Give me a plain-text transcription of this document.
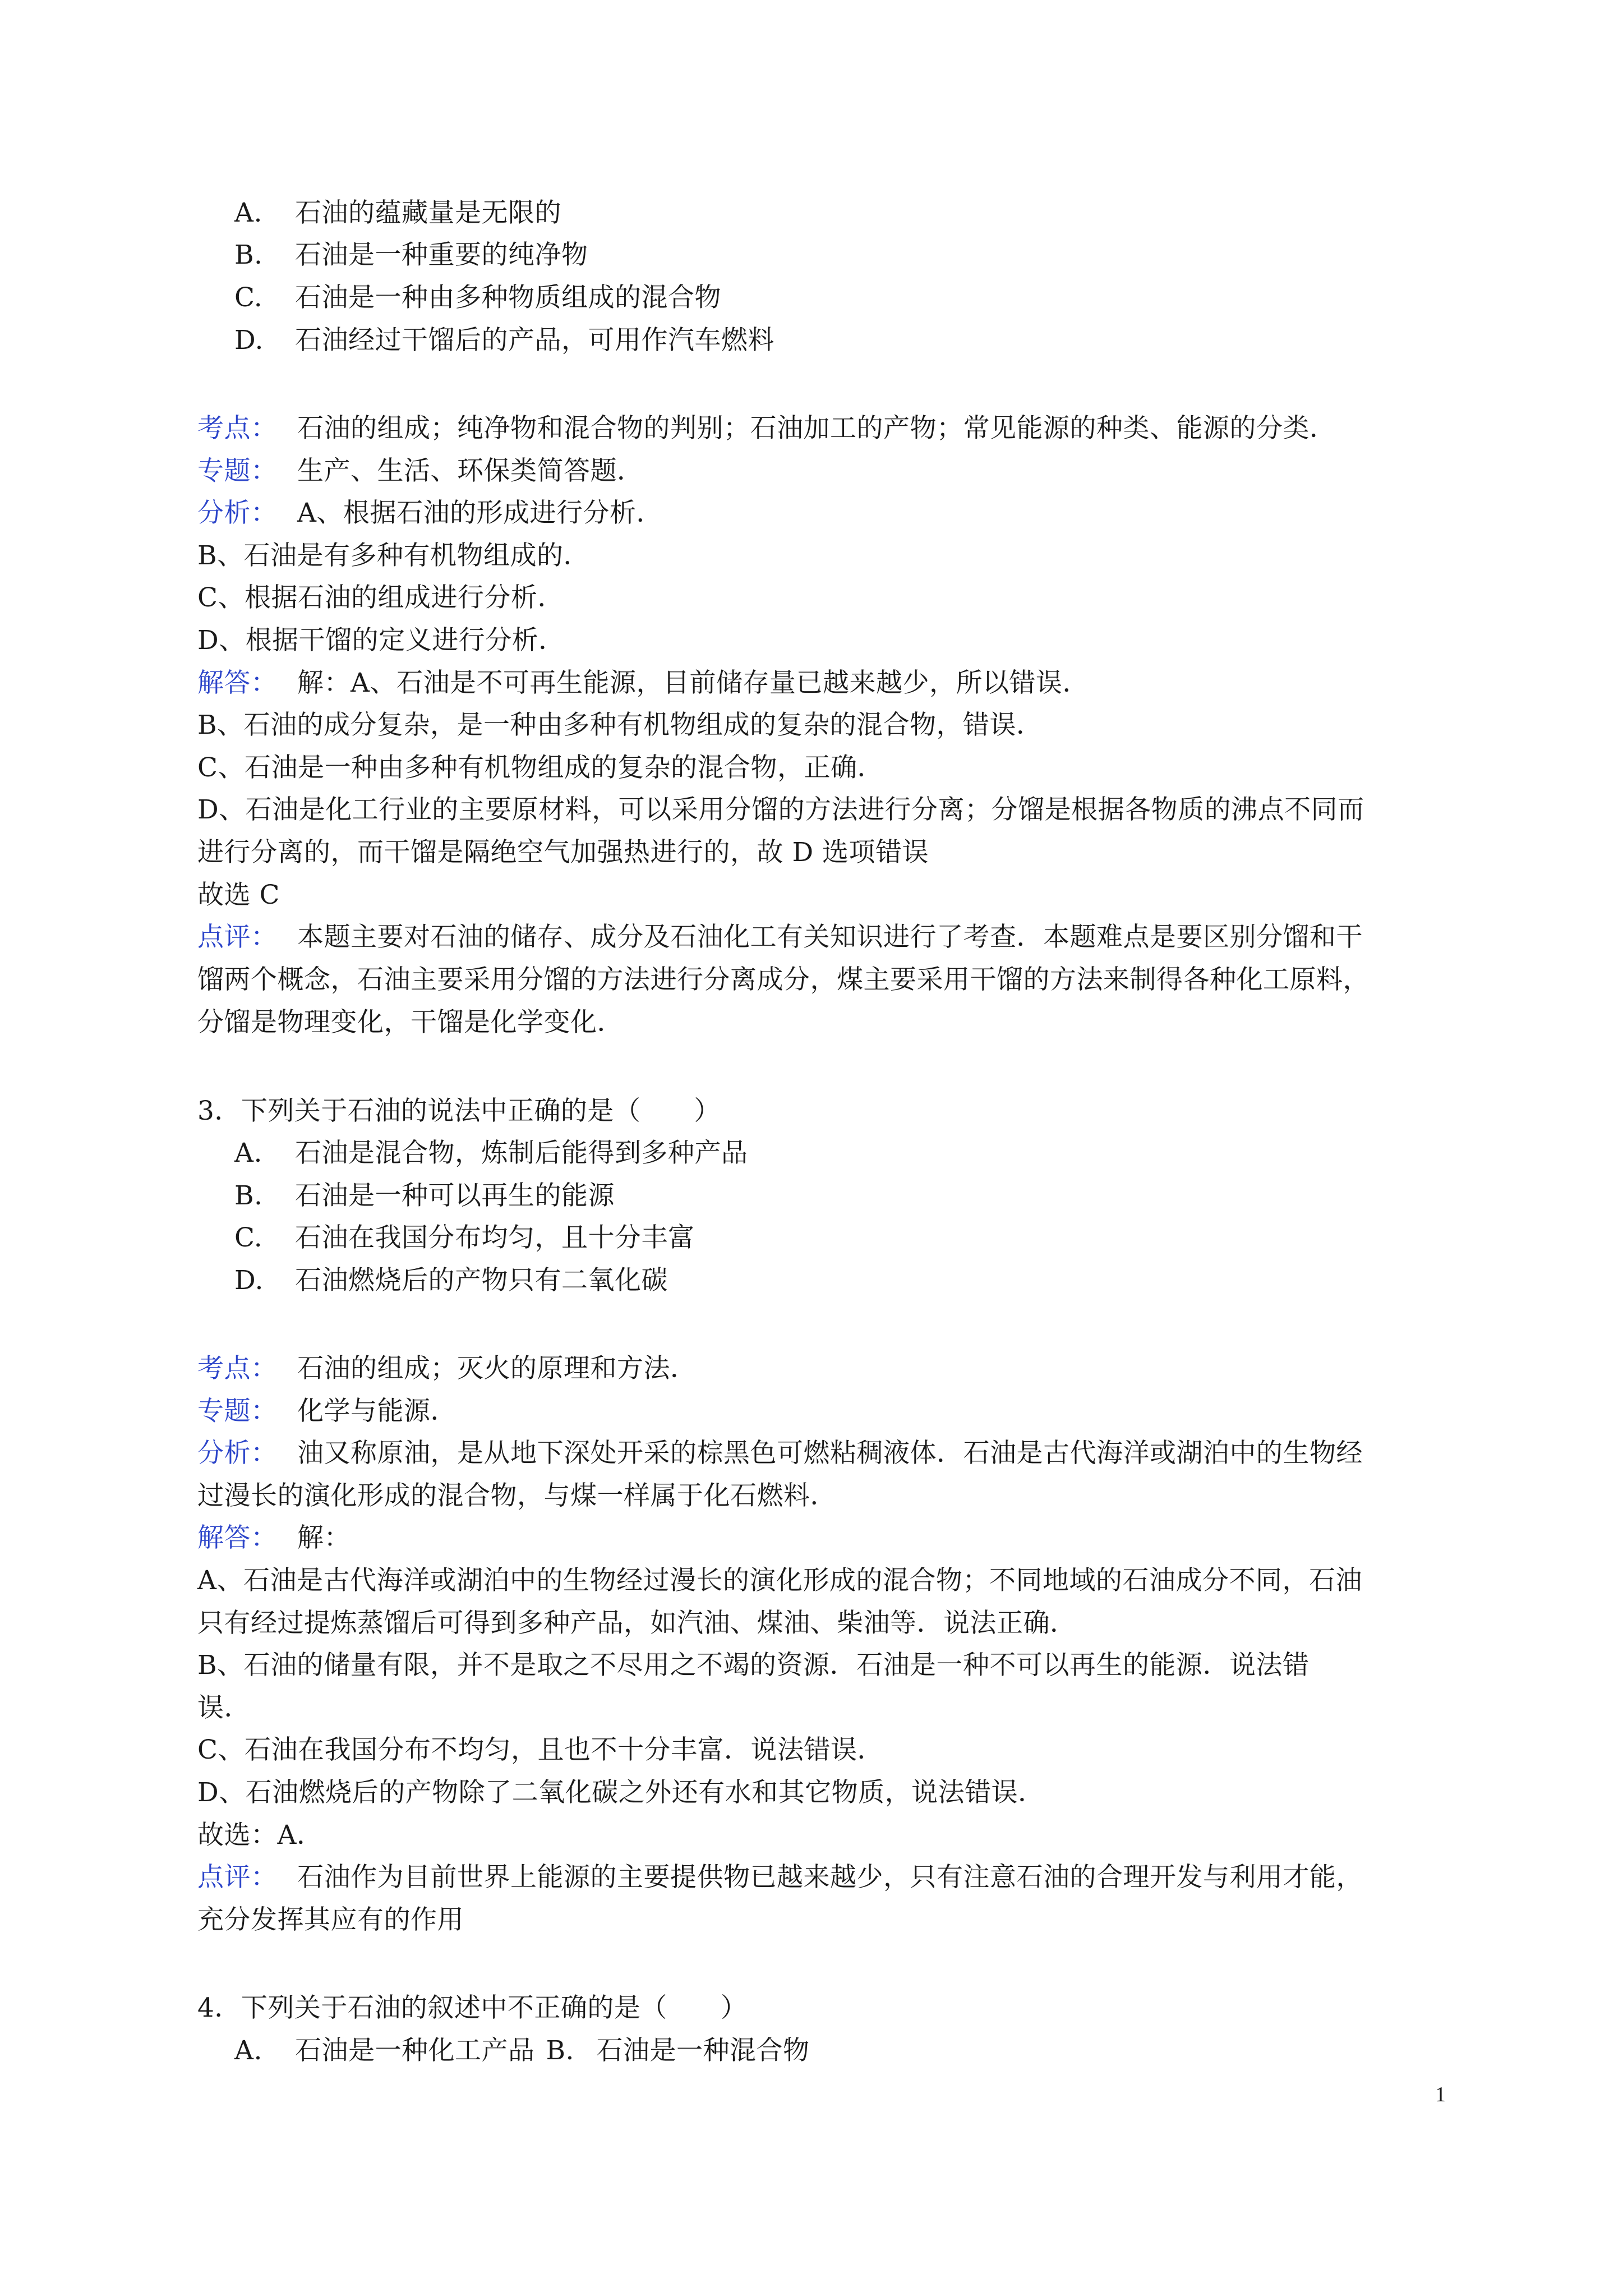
A. 石油的蕴藏量是无限的
B. 石油是一种重要的纯净物
C. 石油是一种由多种物质组成的混合物
D. 石油经过干馏后的产品，可用作汽车燃料
考点： 石油的组成；纯净物和混合物的判别；石油加工的产物；常见能源的种类、能源的分类．
专题： 生产、生活、环保类简答题．
分析： A、根据石油的形成进行分析．
B、石油是有多种有机物组成的．
C、根据石油的组成进行分析．
D、根据干馏的定义进行分析．
解答： 解：A、石油是不可再生能源，目前储存量已越来越少，所以错误．
B、石油的成分复杂，是一种由多种有机物组成的复杂的混合物，错误．
C、石油是一种由多种有机物组成的复杂的混合物，正确．
D、石油是化工行业的主要原材料，可以采用分馏的方法进行分离；分馏是根据各物质的沸点不同而
进行分离的，而干馏是隔绝空气加强热进行的，故 D 选项错误
故选 C
点评： 本题主要对石油的储存、成分及石油化工有关知识进行了考查．本题难点是要区别分馏和干
馏两个概念，石油主要采用分馏的方法进行分离成分，煤主要采用干馏的方法来制得各种化工原料，
分馏是物理变化，干馏是化学变化．
3．下列关于石油的说法中正确的是（　　）
A. 石油是混合物，炼制后能得到多种产品
B. 石油是一种可以再生的能源
C. 石油在我国分布均匀，且十分丰富
D. 石油燃烧后的产物只有二氧化碳
考点： 石油的组成；灭火的原理和方法．
专题： 化学与能源．
分析： 油又称原油，是从地下深处开采的棕黑色可燃粘稠液体．石油是古代海洋或湖泊中的生物经
过漫长的演化形成的混合物，与煤一样属于化石燃料．
解答： 解：
A、石油是古代海洋或湖泊中的生物经过漫长的演化形成的混合物；不同地域的石油成分不同，石油
只有经过提炼蒸馏后可得到多种产品，如汽油、煤油、柴油等．说法正确．
B、石油的储量有限，并不是取之不尽用之不竭的资源．石油是一种不可以再生的能源．说法错
误．
C、石油在我国分布不均匀，且也不十分丰富．说法错误．
D、石油燃烧后的产物除了二氧化碳之外还有水和其它物质，说法错误．
故选：A．
点评： 石油作为目前世界上能源的主要提供物已越来越少，只有注意石油的合理开发与利用才能，
充分发挥其应有的作用
4．下列关于石油的叙述中不正确的是（　　）
A. 石油是一种化工产品 B. 石油是一种混合物
1
